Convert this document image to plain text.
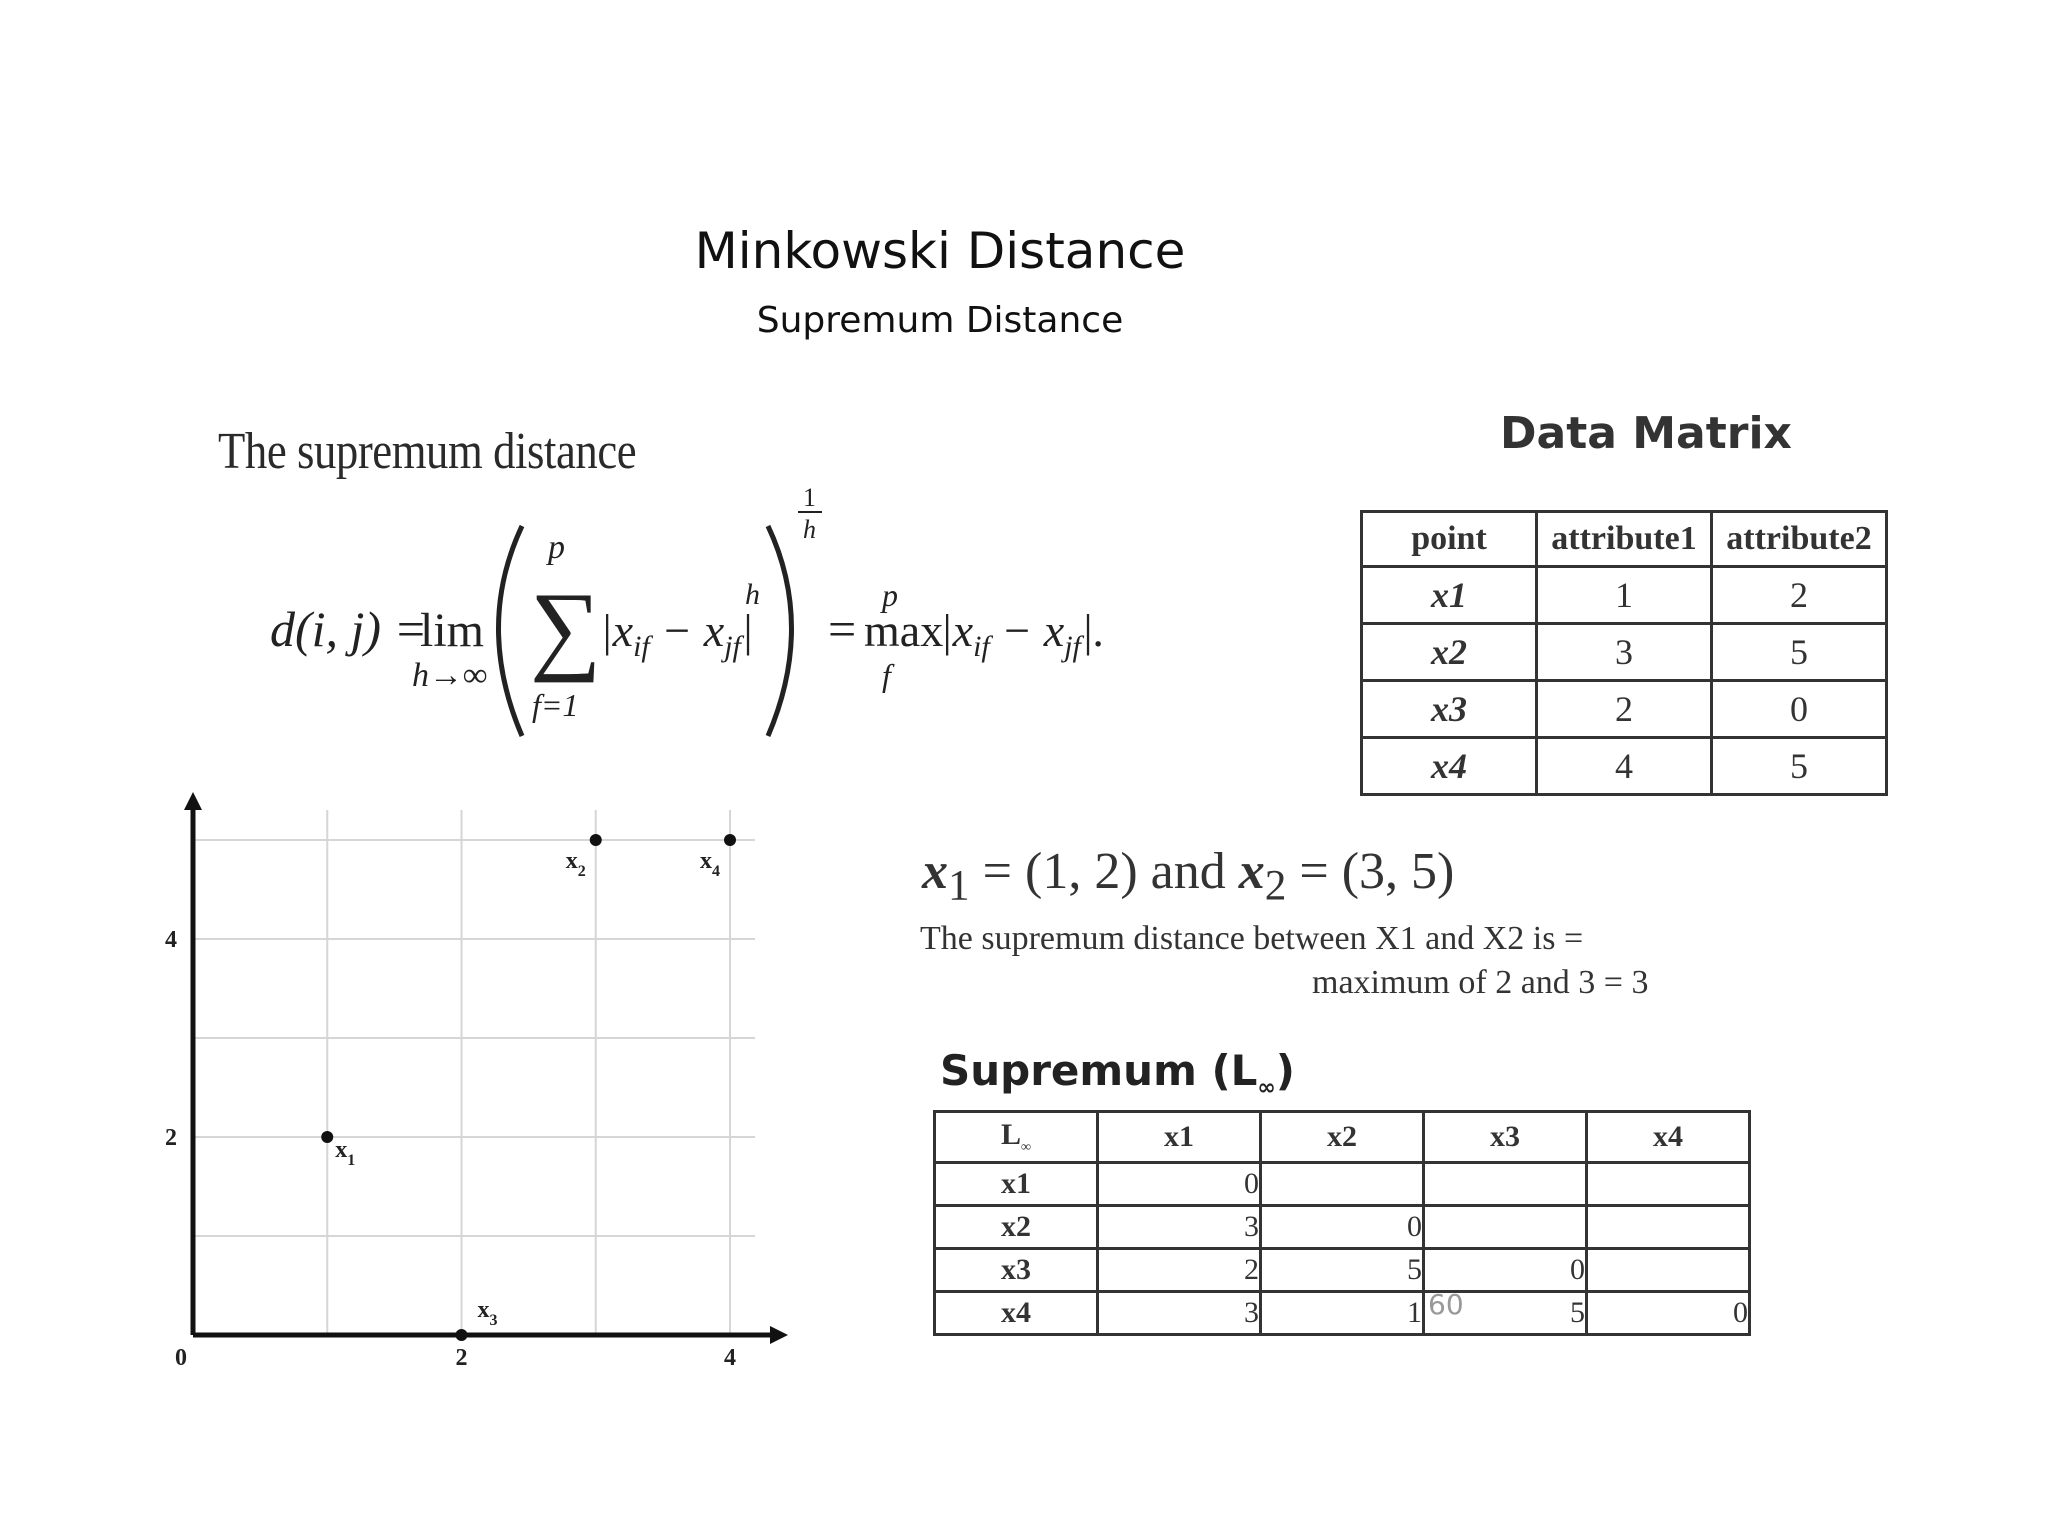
Minkowski Distance
Supremum Distance
The supremum distance
d(i, j) =
lim
h→∞
p
∑
f=1
$|x_{if} - x_{jf}|$
h
1
h
=
p
max
f
$|x_{if} - x_{jf}|$.
Data Matrix
point	attribute1	attribute2
x1	1	2
x2	3	5
x3	2	0
x4	4	5
$x_1 = (1$, 2) and $x_2 = (3$, 5)
The supremum distance between X1 and X2 is =
maximum of 2 and 3 = 3
Supremum $(L_\infty)$
$L_\infty$	x1	x2	x3	x4
x1	0			
x2	3	0		
x3	2	5	0	
x4	3	1	5	0
0	2	4
2
4
$x_1$
$x_2$
$x_3$
$x_4$
60
